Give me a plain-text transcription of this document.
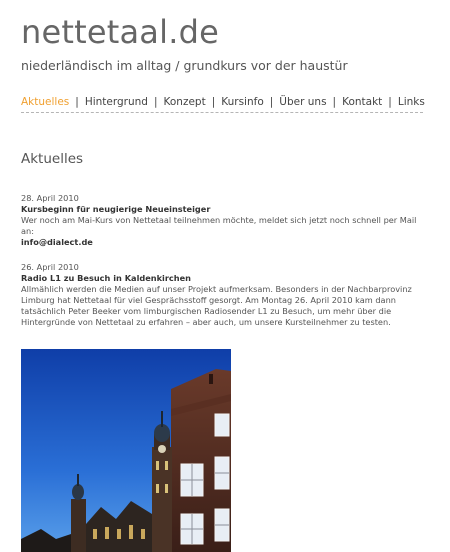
nettetaal.de

niederländisch im alltag / grundkurs vor der haustür

Aktuelles | Hintergrund | Konzept | Kursinfo | Über uns | Kontakt | Links
Aktuelles
28. April 2010
Kursbeginn für neugierige Neueinsteiger
Wer noch am Mai-Kurs von Nettetaal teilnehmen möchte, meldet sich jetzt noch schnell per Mail an:
info@dialect.de
26. April 2010
Radio L1 zu Besuch in Kaldenkirchen
Allmählich werden die Medien auf unser Projekt aufmerksam. Besonders in der Nachbarprovinz Limburg hat Nettetaal für viel Gesprächsstoff gesorgt. Am Montag 26. April 2010 kam dann tatsächlich Peter Beeker vom limburgischen Radiosender L1 zu Besuch, um mehr über die Hintergründe von Nettetaal zu erfahren – aber auch, um unsere Kursteilnehmer zu testen.
